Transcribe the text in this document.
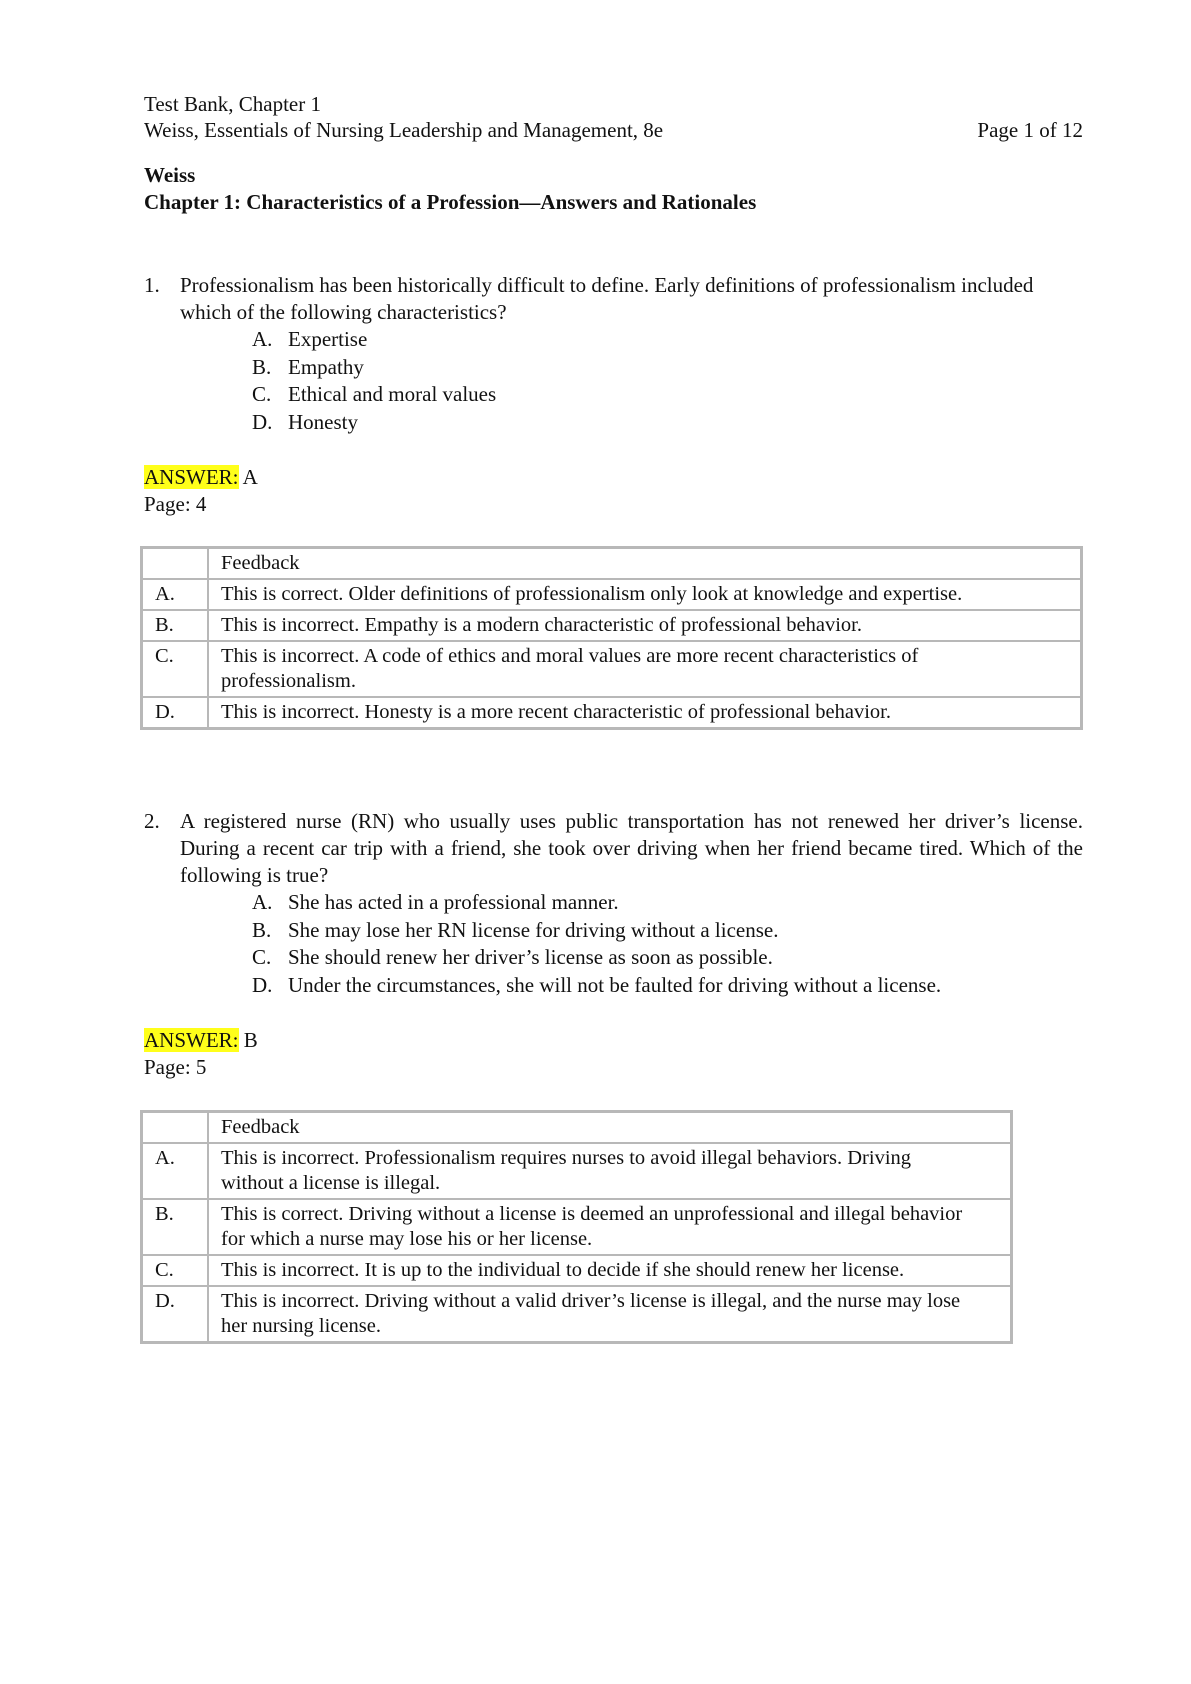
Test Bank, Chapter 1
Weiss, Essentials of Nursing Leadership and Management, 8e	Page 1 of 12
Weiss
Chapter 1: Characteristics of a Profession—Answers and Rationales
1. Professionalism has been historically difficult to define. Early definitions of professionalism included which of the following characteristics?
A. Expertise
B. Empathy
C. Ethical and moral values
D. Honesty
ANSWER: A
Page: 4
	Feedback
A.	This is correct. Older definitions of professionalism only look at knowledge and expertise.
B.	This is incorrect. Empathy is a modern characteristic of professional behavior.
C.	This is incorrect. A code of ethics and moral values are more recent characteristics of professionalism.
D.	This is incorrect. Honesty is a more recent characteristic of professional behavior.
2. A registered nurse (RN) who usually uses public transportation has not renewed her driver’s license. During a recent car trip with a friend, she took over driving when her friend became tired. Which of the following is true?
A. She has acted in a professional manner.
B. She may lose her RN license for driving without a license.
C. She should renew her driver’s license as soon as possible.
D. Under the circumstances, she will not be faulted for driving without a license.
ANSWER: B
Page: 5
	Feedback
A.	This is incorrect. Professionalism requires nurses to avoid illegal behaviors. Driving without a license is illegal.
B.	This is correct. Driving without a license is deemed an unprofessional and illegal behavior for which a nurse may lose his or her license.
C.	This is incorrect. It is up to the individual to decide if she should renew her license.
D.	This is incorrect. Driving without a valid driver’s license is illegal, and the nurse may lose her nursing license.
